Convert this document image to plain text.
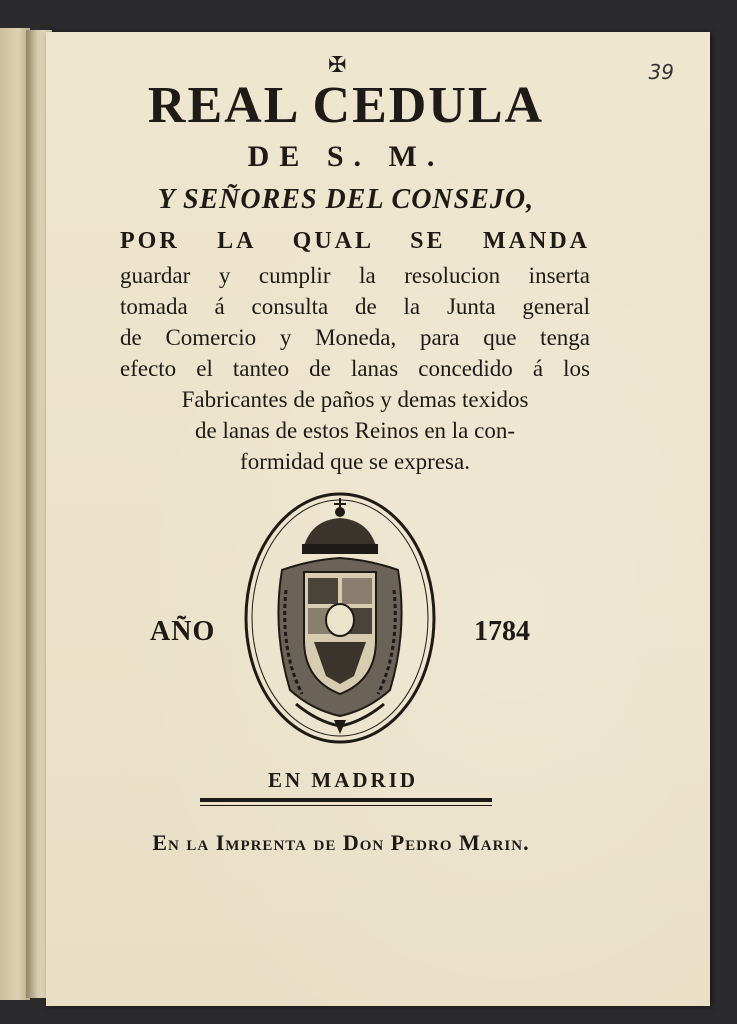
39
✠
REAL CEDULA
DE S. M.
Y SEÑORES DEL CONSEJO,
POR LA QUAL SE MANDA
guardar y cumplir la resolucion inserta
tomada á consulta de la Junta general
de Comercio y Moneda, para que tenga
efecto el tanteo de lanas concedido á los
Fabricantes de paños y demas texidos
de lanas de estos Reinos en la con-
formidad que se expresa.
AÑO	1784
EN MADRID
En la Imprenta de Don Pedro Marin.
